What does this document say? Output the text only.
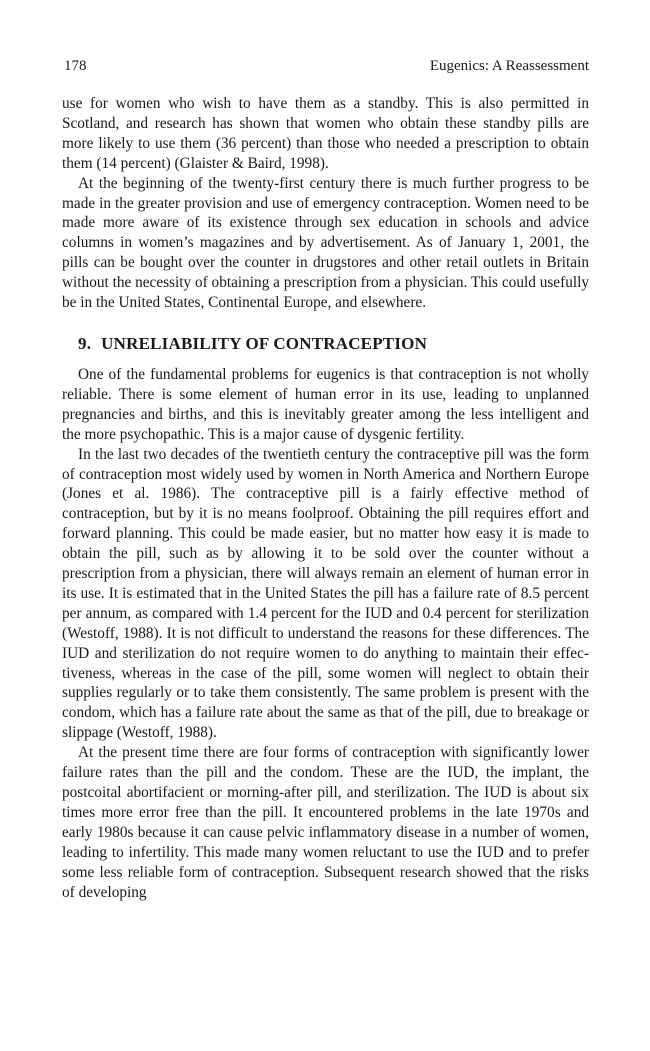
178	Eugenics: A Reassessment

use for women who wish to have them as a standby. This is also permitted in Scotland, and research has shown that women who obtain these standby pills are more likely to use them (36 percent) than those who needed a prescription to obtain them (14 percent) (Glaister & Baird, 1998).

At the beginning of the twenty-first century there is much further progress to be made in the greater provision and use of emergency contraception. Women need to be made more aware of its existence through sex education in schools and advice columns in women’s magazines and by advertisement. As of January 1, 2001, the pills can be bought over the counter in drugstores and other retail outlets in Britain without the necessity of obtaining a prescription from a physician. This could usefully be in the United States, Continental Europe, and elsewhere.

9. UNRELIABILITY OF CONTRACEPTION

One of the fundamental problems for eugenics is that contraception is not wholly reliable. There is some element of human error in its use, leading to unplanned pregnancies and births, and this is inevitably greater among the less intelligent and the more psychopathic. This is a major cause of dysgenic fertility.

In the last two decades of the twentieth century the contraceptive pill was the form of contraception most widely used by women in North America and Northern Europe (Jones et al. 1986). The contraceptive pill is a fairly effective method of contraception, but by it is no means foolproof. Obtaining the pill requires effort and forward planning. This could be made easier, but no matter how easy it is made to obtain the pill, such as by allowing it to be sold over the counter without a prescription from a physician, there will always remain an element of human error in its use. It is estimated that in the United States the pill has a failure rate of 8.5 percent per annum, as compared with 1.4 percent for the IUD and 0.4 percent for sterilization (Westoff, 1988). It is not difficult to understand the reasons for these differences. The IUD and sterilization do not require women to do anything to maintain their effectiveness, whereas in the case of the pill, some women will neglect to obtain their supplies regularly or to take them consistently. The same problem is present with the condom, which has a failure rate about the same as that of the pill, due to breakage or slippage (Westoff, 1988).

At the present time there are four forms of contraception with significantly lower failure rates than the pill and the condom. These are the IUD, the implant, the postcoital abortifacient or morning-after pill, and sterilization. The IUD is about six times more error free than the pill. It encountered problems in the late 1970s and early 1980s because it can cause pelvic inflammatory disease in a number of women, leading to infertility. This made many women reluctant to use the IUD and to prefer some less reliable form of contraception. Subsequent research showed that the risks of developing
